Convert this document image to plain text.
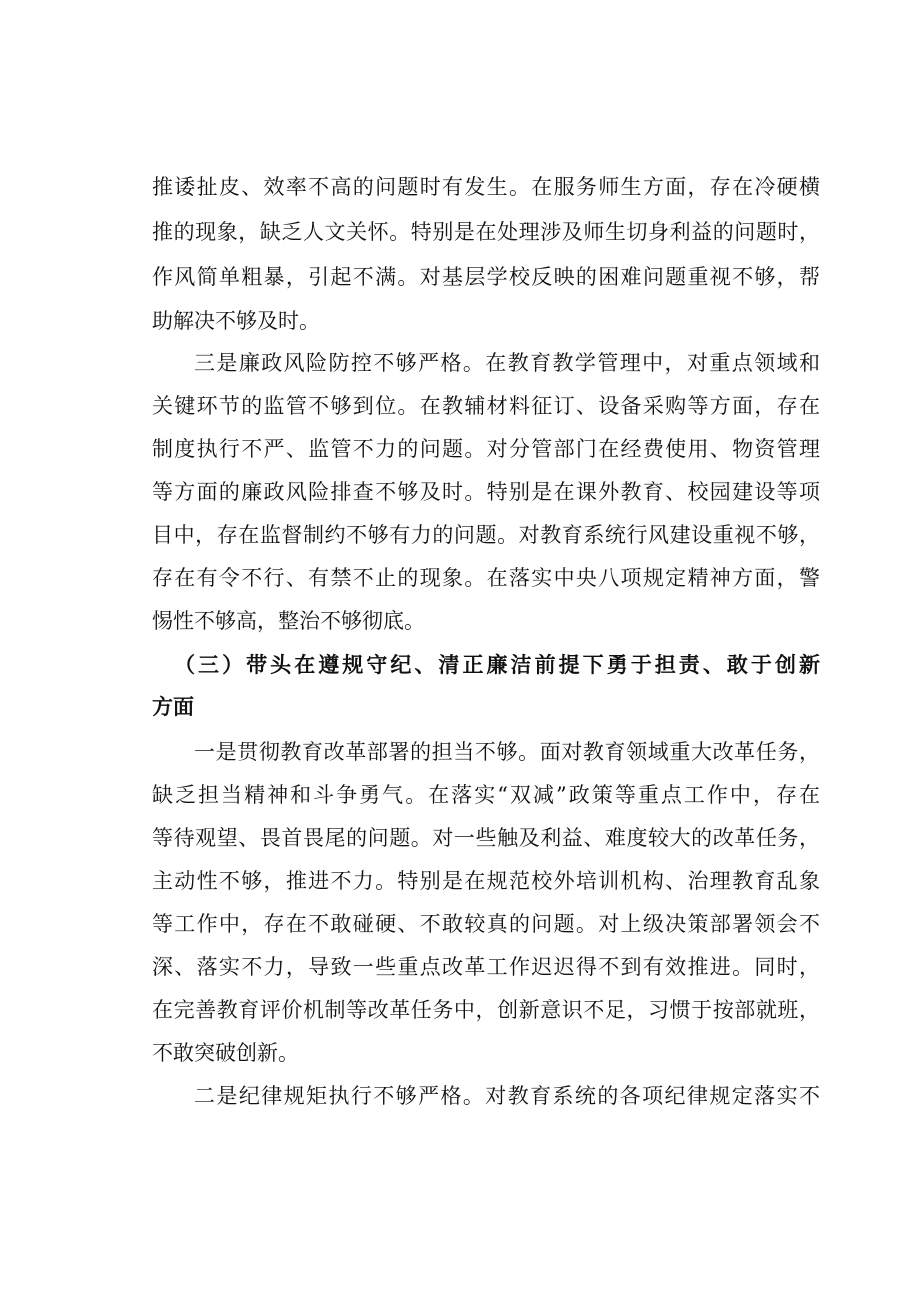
推诿扯皮、效率不高的问题时有发生。在服务师生方面，存在冷硬横
推的现象，缺乏人文关怀。特别是在处理涉及师生切身利益的问题时，
作风简单粗暴，引起不满。对基层学校反映的困难问题重视不够，帮
助解决不够及时。
三是廉政风险防控不够严格。在教育教学管理中，对重点领域和
关键环节的监管不够到位。在教辅材料征订、设备采购等方面，存在
制度执行不严、监管不力的问题。对分管部门在经费使用、物资管理
等方面的廉政风险排查不够及时。特别是在课外教育、校园建设等项
目中，存在监督制约不够有力的问题。对教育系统行风建设重视不够，
存在有令不行、有禁不止的现象。在落实中央八项规定精神方面，警
惕性不够高，整治不够彻底。
（三）带头在遵规守纪、清正廉洁前提下勇于担责、敢于创新
方面
一是贯彻教育改革部署的担当不够。面对教育领域重大改革任务，
缺乏担当精神和斗争勇气。在落实“双减”政策等重点工作中，存在
等待观望、畏首畏尾的问题。对一些触及利益、难度较大的改革任务，
主动性不够，推进不力。特别是在规范校外培训机构、治理教育乱象
等工作中，存在不敢碰硬、不敢较真的问题。对上级决策部署领会不
深、落实不力，导致一些重点改革工作迟迟得不到有效推进。同时，
在完善教育评价机制等改革任务中，创新意识不足，习惯于按部就班，
不敢突破创新。
二是纪律规矩执行不够严格。对教育系统的各项纪律规定落实不
